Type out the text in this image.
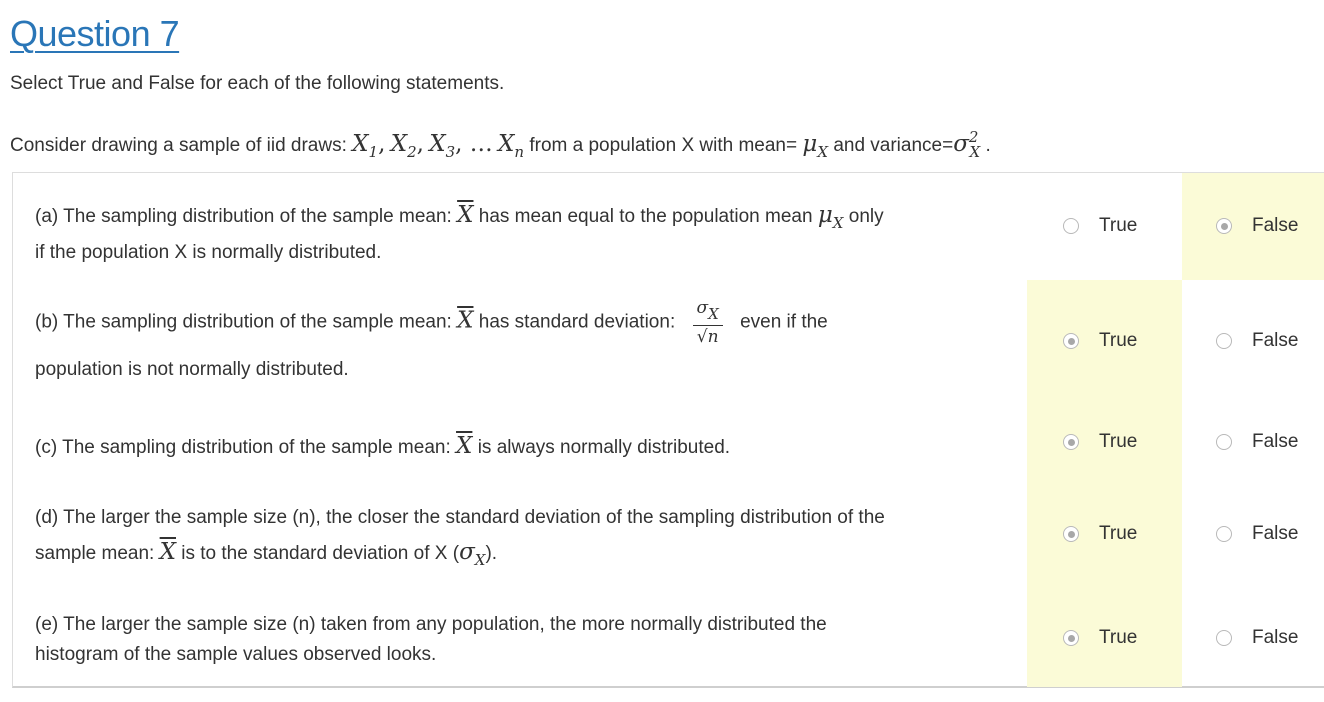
Question 7
Select True and False for each of the following statements.
Consider drawing a sample of iid draws: $X_1$, $X_2$, $X_3$, … $X_n$ from a population X with mean= $\mu_X$ and $variance=\sigma^2_X$ .
(a) The sampling distribution of the sample mean: $\overline{X}$ has mean equal to the population mean $\mu_X$ only
if the population X is normally distributed.
True	False
(b) The sampling distribution of the sample mean: $\overline{X}$ has standard deviation: $\frac{\sigma_X}{√n}$ even if the
population is not normally distributed.
True	False
(c) The sampling distribution of the sample mean: $\overline{X}$ is always normally distributed.	True	False
(d) The larger the sample size (n), the closer the standard deviation of the sampling distribution of the
sample mean: $\overline{X}$ is to the standard deviation of X $(\sigma_X)$.
True	False
(e) The larger the sample size (n) taken from any population, the more normally distributed the
histogram of the sample values observed looks.
True	False
